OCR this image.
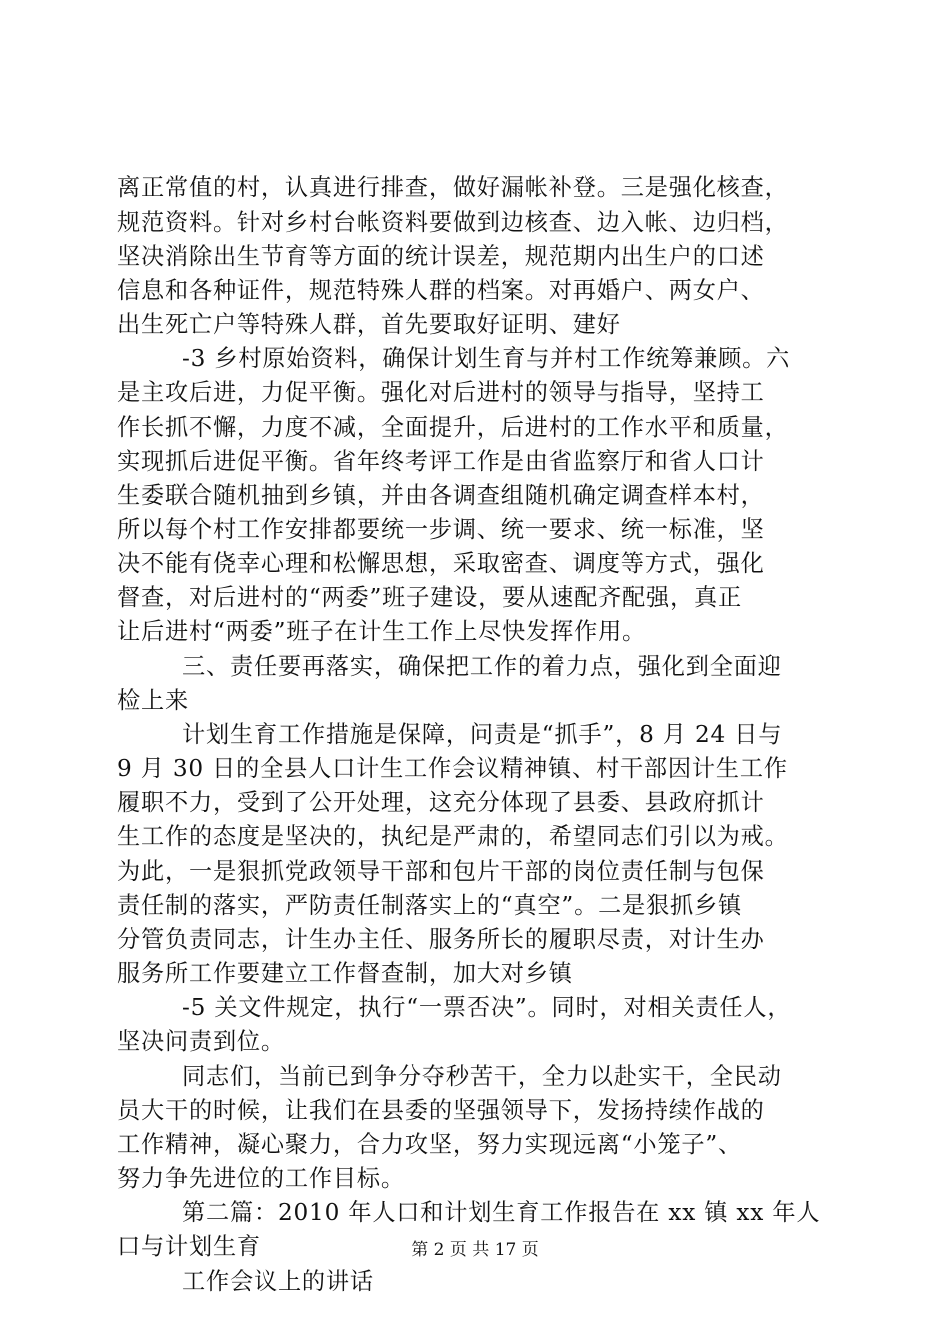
离正常值的村，认真进行排查，做好漏帐补登。三是强化核查，
规范资料。针对乡村台帐资料要做到边核查、边入帐、边归档，
坚决消除出生节育等方面的统计误差，规范期内出生户的口述
信息和各种证件，规范特殊人群的档案。对再婚户、两女户、
出生死亡户等特殊人群，首先要取好证明、建好
-3 乡村原始资料，确保计划生育与并村工作统筹兼顾。六
是主攻后进，力促平衡。强化对后进村的领导与指导，坚持工
作长抓不懈，力度不减，全面提升，后进村的工作水平和质量，
实现抓后进促平衡。省年终考评工作是由省监察厅和省人口计
生委联合随机抽到乡镇，并由各调查组随机确定调查样本村，
所以每个村工作安排都要统一步调、统一要求、统一标准，坚
决不能有侥幸心理和松懈思想，采取密查、调度等方式，强化
督查，对后进村的“两委”班子建设，要从速配齐配强，真正
让后进村“两委”班子在计生工作上尽快发挥作用。
三、责任要再落实，确保把工作的着力点，强化到全面迎
检上来
计划生育工作措施是保障，问责是“抓手”，8 月 24 日与
9 月 30 日的全县人口计生工作会议精神镇、村干部因计生工作
履职不力，受到了公开处理，这充分体现了县委、县政府抓计
生工作的态度是坚决的，执纪是严肃的，希望同志们引以为戒。
为此，一是狠抓党政领导干部和包片干部的岗位责任制与包保
责任制的落实，严防责任制落实上的“真空”。二是狠抓乡镇
分管负责同志，计生办主任、服务所长的履职尽责，对计生办
服务所工作要建立工作督查制，加大对乡镇
-5 关文件规定，执行“一票否决”。同时，对相关责任人，
坚决问责到位。
同志们，当前已到争分夺秒苦干，全力以赴实干，全民动
员大干的时候，让我们在县委的坚强领导下，发扬持续作战的
工作精神，凝心聚力，合力攻坚，努力实现远离“小笼子”、
努力争先进位的工作目标。
第二篇：2010 年人口和计划生育工作报告在 xx 镇 xx 年人
口与计划生育
工作会议上的讲话
第 2 页 共 17 页
